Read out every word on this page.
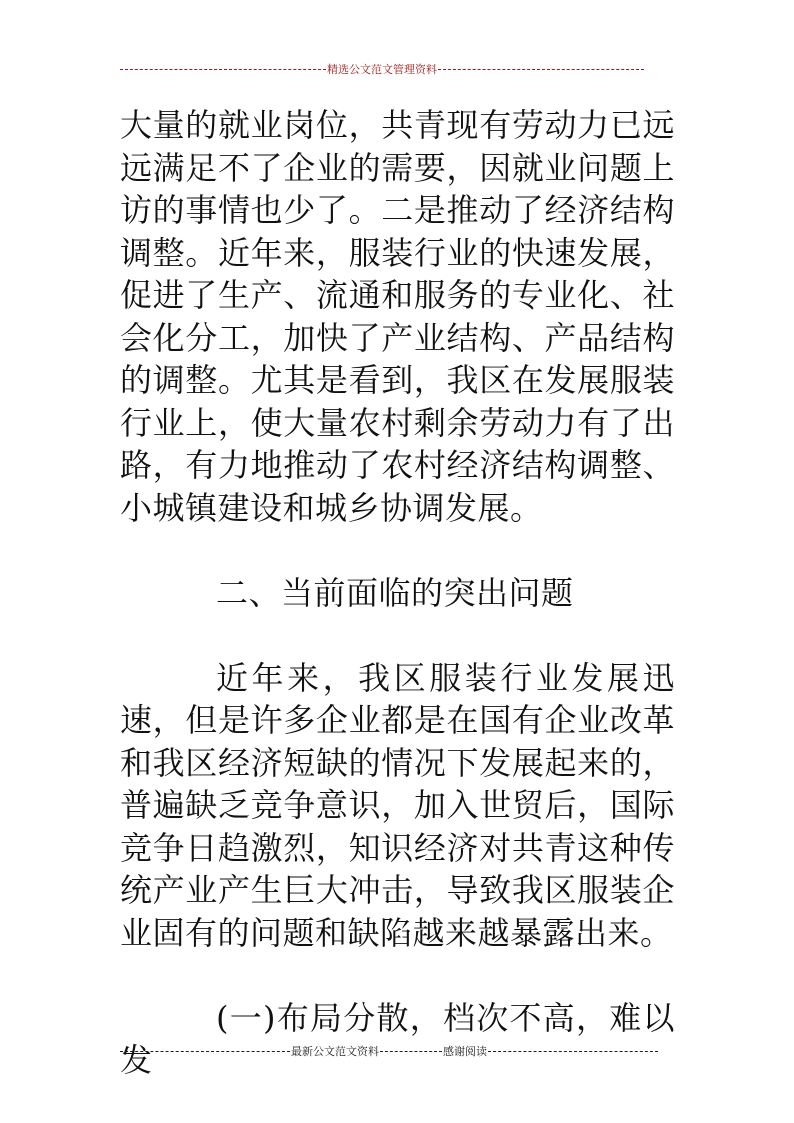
精选公文范文管理资料

大量的就业岗位，共青现有劳动力已远远满足不了企业的需要，因就业问题上访的事情也少了。二是推动了经济结构调整。近年来，服装行业的快速发展，促进了生产、流通和服务的专业化、社会化分工，加快了产业结构、产品结构的调整。尤其是看到，我区在发展服装行业上，使大量农村剩余劳动力有了出路，有力地推动了农村经济结构调整、小城镇建设和城乡协调发展。

二、当前面临的突出问题

近年来，我区服装行业发展迅速，但是许多企业都是在国有企业改革和我区经济短缺的情况下发展起来的，普遍缺乏竞争意识，加入世贸后，国际竞争日趋激烈，知识经济对共青这种传统产业产生巨大冲击，导致我区服装企业固有的问题和缺陷越来越暴露出来。

(一)布局分散，档次不高，难以发	最新公文范文资料	感谢阅读
